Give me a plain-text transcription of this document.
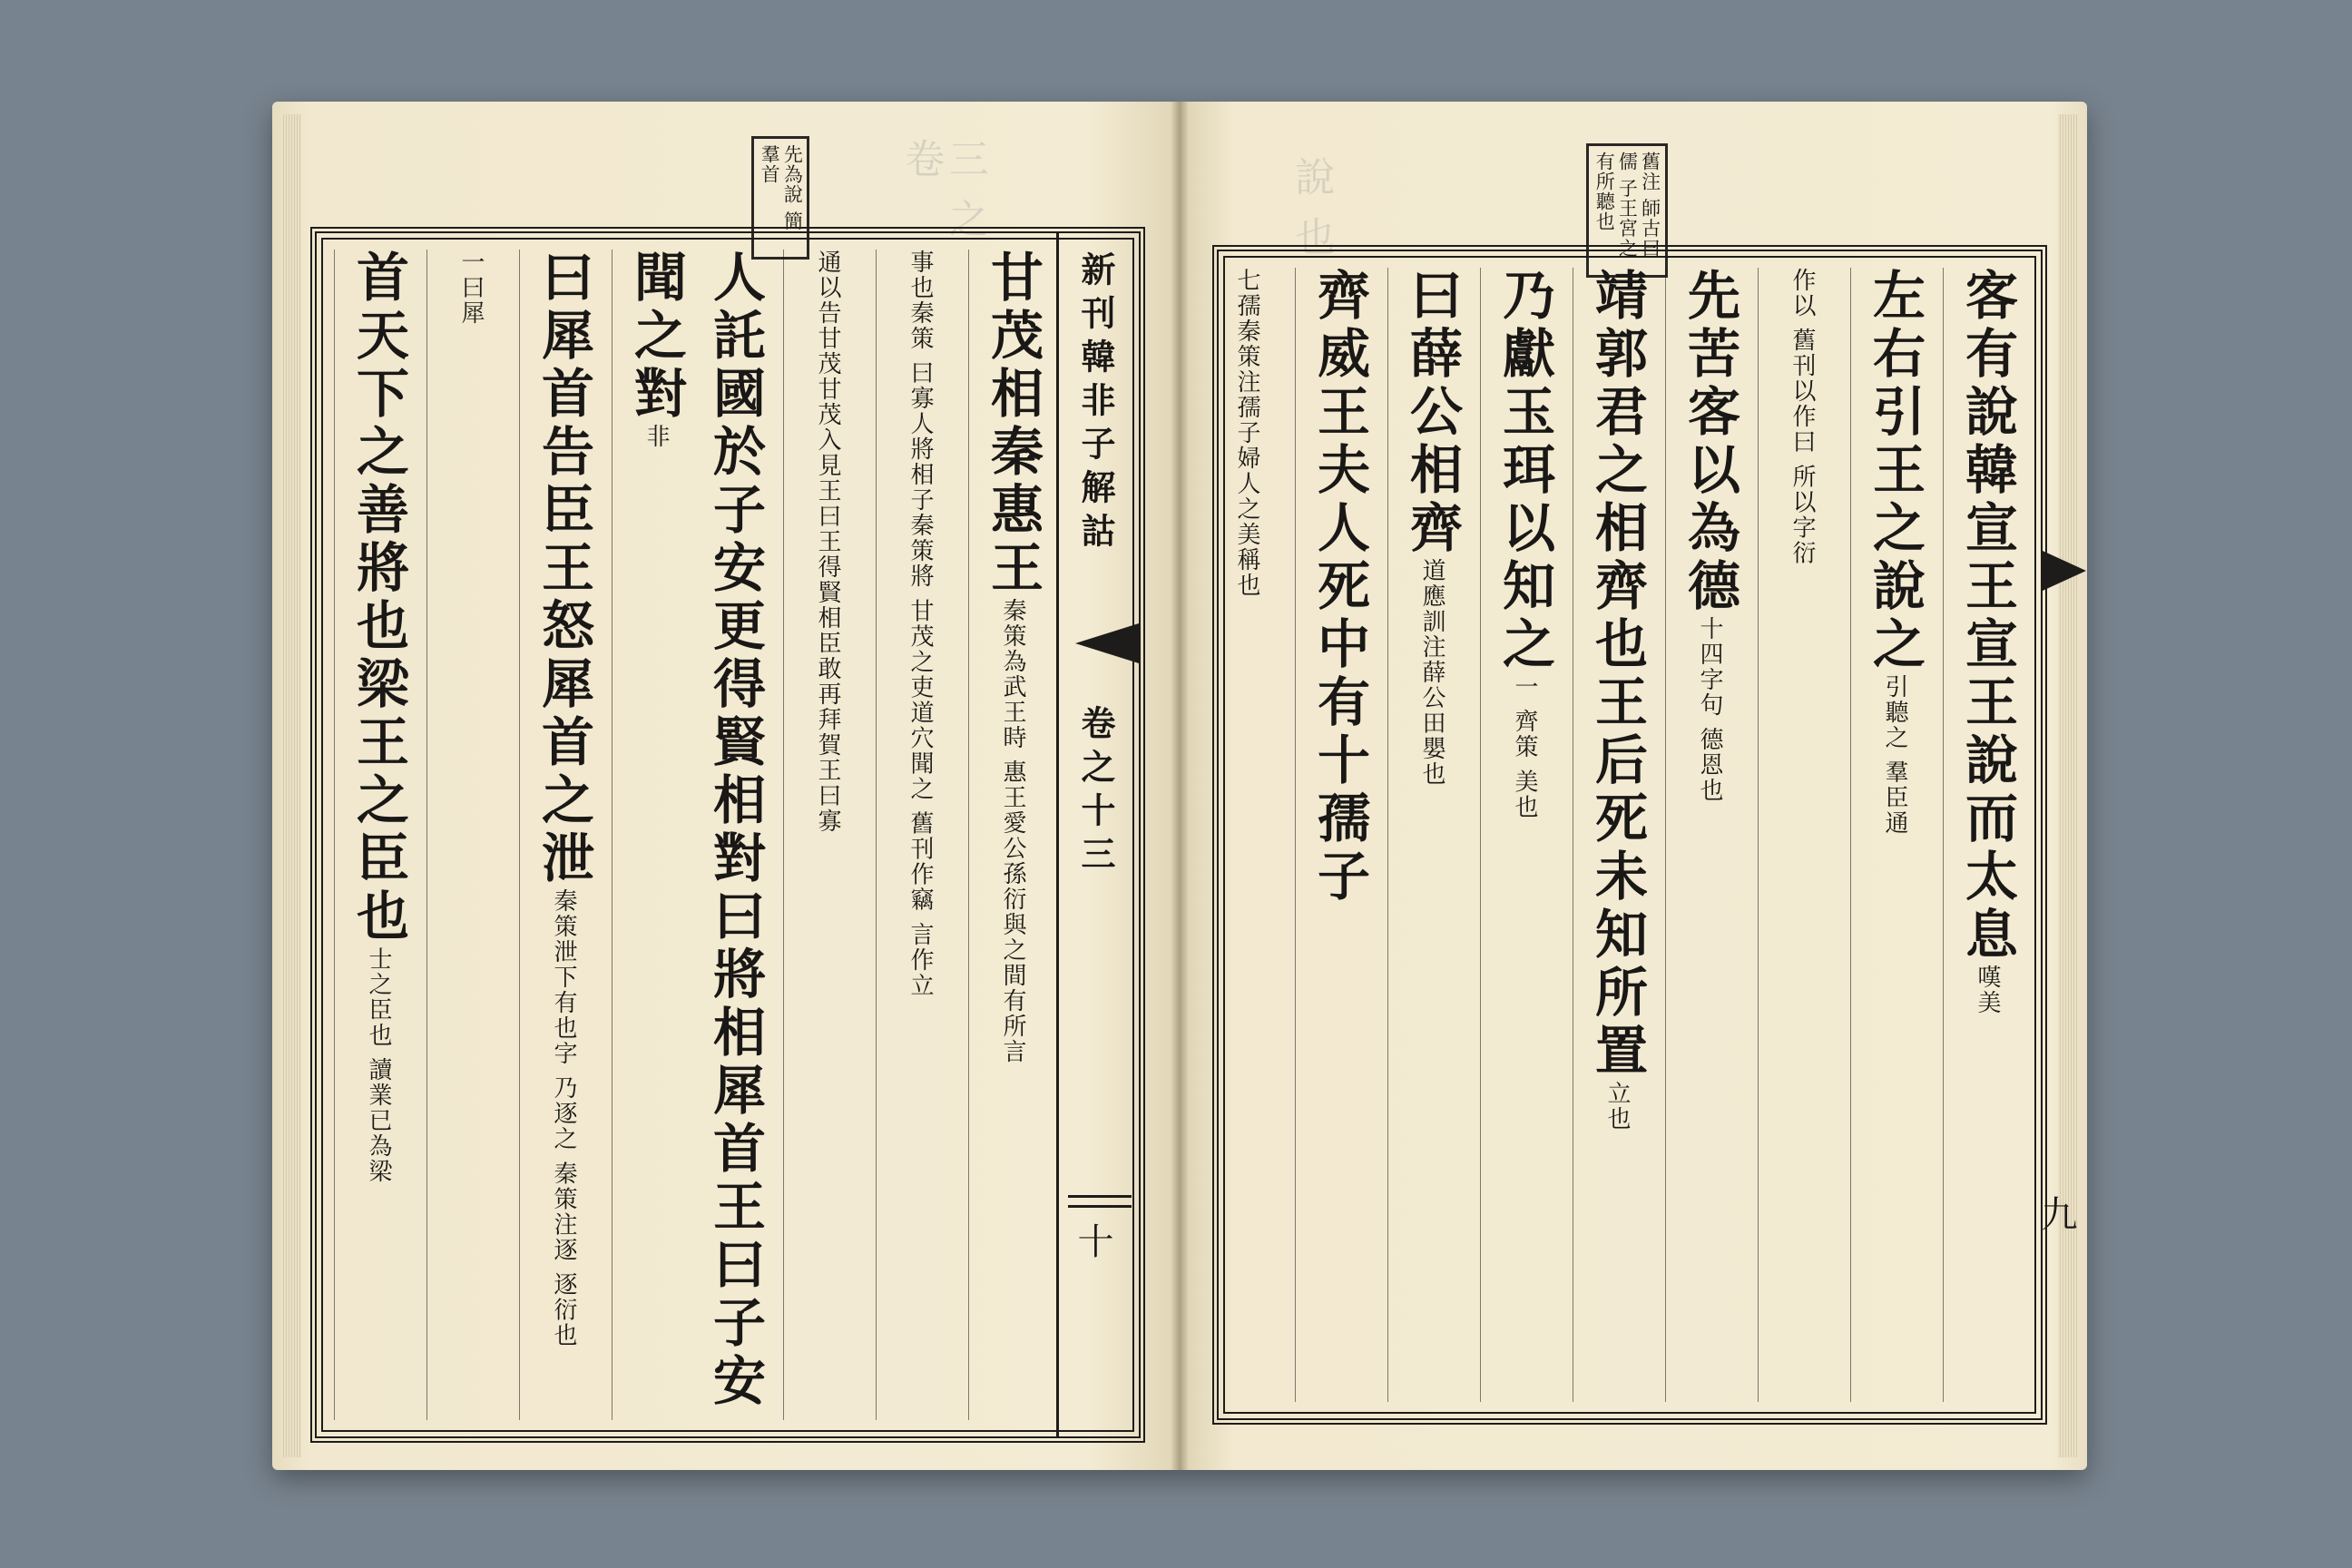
三 之 卷
先為說 簡 羣首
新刊韓非子解詁
卷之十三
十
甘茂相秦惠王秦策為武王時 惠王愛公孫衍與之間有所言
事也秦策 曰寡人將相子秦策將 甘茂之吏道穴聞之 舊刊作竊 言作立
通以告甘茂甘茂入見王曰王得賢相臣敢再拜賀王曰寡
人託國於子安更得賢相對曰將相犀首王曰子安聞之對非
曰犀首告臣王怒犀首之泄秦策泄下有也字 乃逐之 秦策注逐 逐衍也
一曰犀
首天下之善將也梁王之臣也士之臣也 讀業已為梁
說 也	舊注 師古曰儒 子王宮之 有所聽也
九
客有說韓宣王宣王說而太息嘆美
左右引王之說之引聽之 羣臣通
作以 舊刊以作曰 所以字衍
先苦客以為德十四字句 德恩也
靖郭君之相齊也王后死未知所置立也
乃獻玉珥以知之一 齊策 美也
曰薛公相齊道應訓注薛公田嬰也
齊威王夫人死中有十孺子
七孺秦策注孺子婦人之美稱也
